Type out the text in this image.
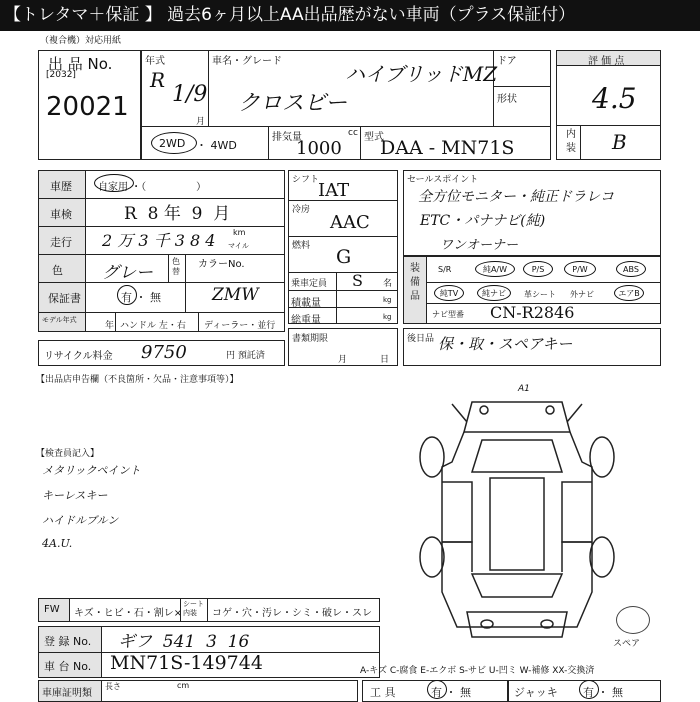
【トレタマ＋保証 】 過去6ヶ月以上AA出品歴がない車両（プラス保証付）
（複合機）対応用紙
出 品 No.
[2032]
20021
年式
R
1/9
月
車名・グレード
ハイブリッドMZ
クロスビー
ドア
形状
・ 4WD
2WD	排気量	cc
1000
型式
DAA - MN71S
評 価 点
4.5
内装 B
車歴	自家用 ・（　　　　　）
車検	R  8 年  9  月
走行 2 万 3 千 3 8 4 km
マイル
色 グレー
色替
カラーNo.
ZMW
保証書	有 ・ 無
モデル年式
年 ハンドル 左・右 ディーラー・並行
リサイクル料金 9750	円 預託済
【出品店申告欄（不良箇所・欠品・注意事項等）】
シフト
IAT
冷房
AAC
燃料 G
乗車定員 S 名
積載量	kg
総重量	kg
書類期限
月	日
セールスポイント
全方位モニター・純正ドラレコ
ETC・パナナビ(純)
ワンオーナー
装備品
S/R	純A/W	P/S	P/W	ABS
純TV	純ナビ 革シート 外ナビ	エアB
ナビ型番 CN-R2846
後日品 保・取・スペアキー
A1
スペア
【検査員記入】
メタリックペイント
キーレスキー
ハイドルブルン
4A.U.
FW キズ・ヒビ・石・割レ×
シート内装	コゲ・穴・汚レ・シミ・破レ・スレ
登 録 No. ギフ  541  3  16
車 台 No. MN71S-149744	A-キズ C-腐食 E-エクボ S-サビ U-凹ミ W-補修 XX-交換済
車庫証明類
長さ	cm
工 具	有 ・ 無	ジャッキ 有 ・ 無
